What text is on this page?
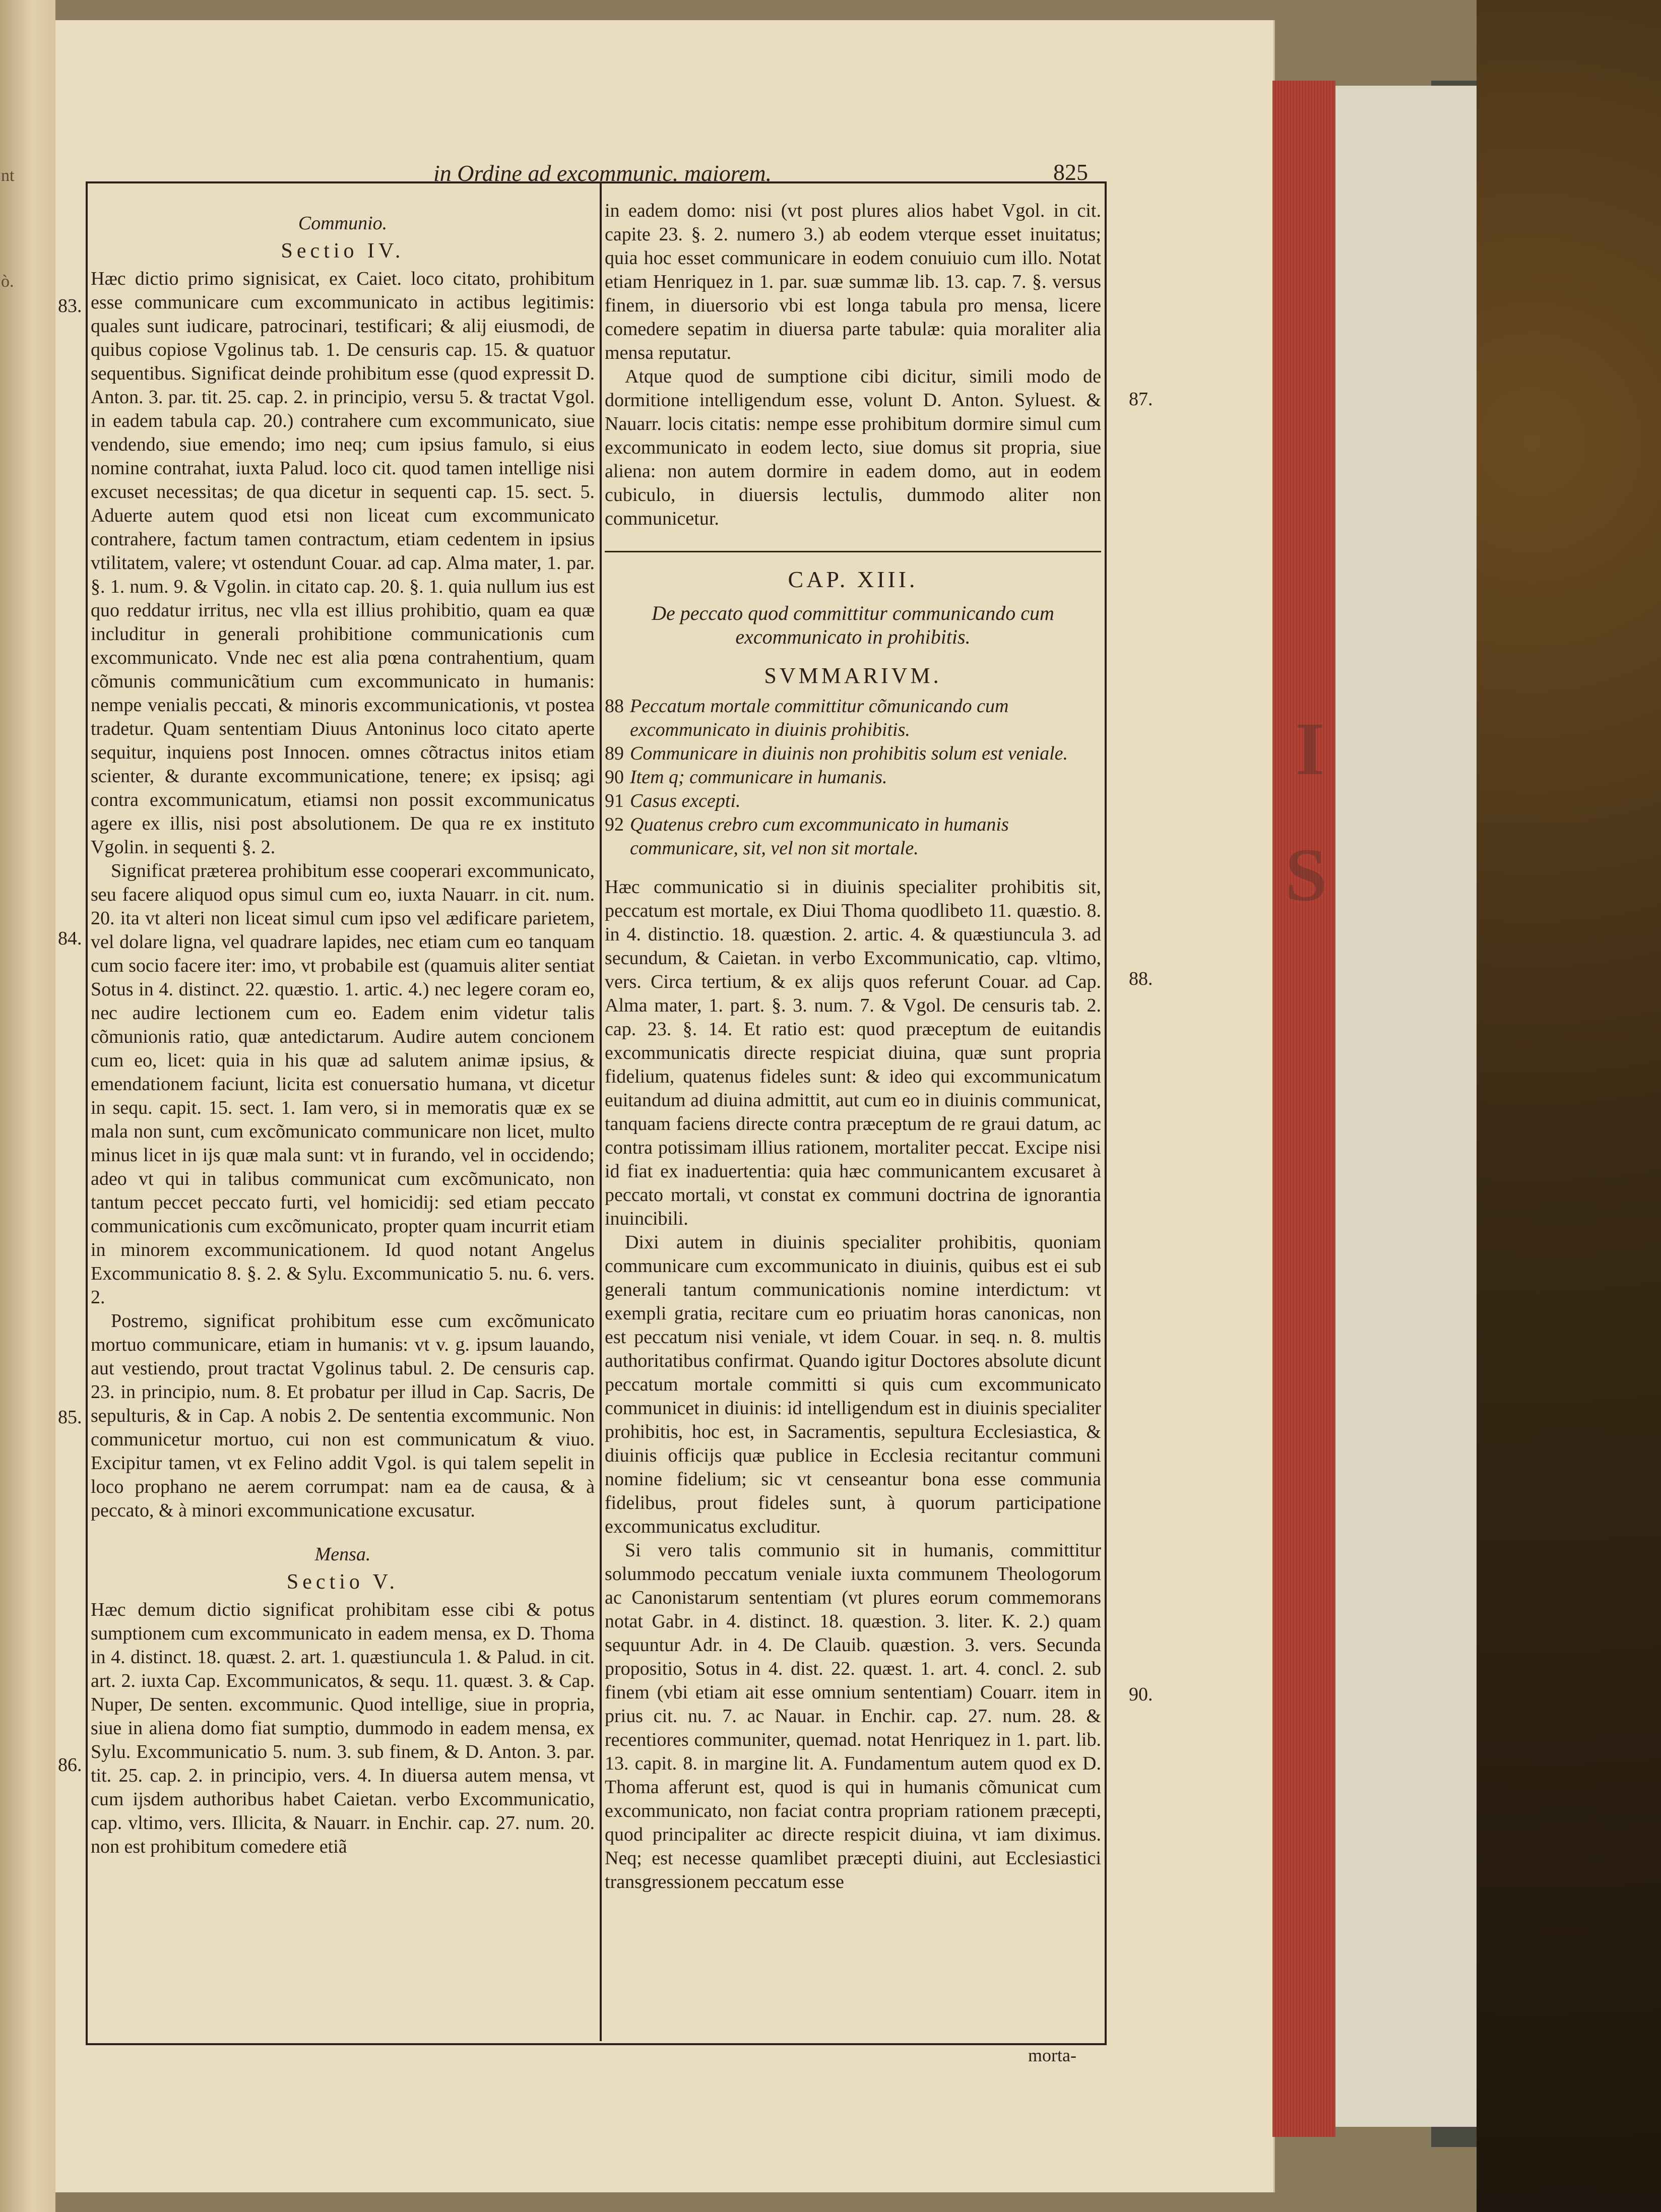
ò.
nt
I
S
in Ordine ad excommunic. maiorem.	825
83.
84.
85.
86.
87.
88.
90.
Communio.
Sectio IV.
Hæc dictio primo signisicat, ex Caiet. loco citato, prohibitum esse communicare cum excommunicato in actibus legitimis: quales sunt iudicare, patrocinari, testificari; & alij eiusmodi, de quibus copiose Vgolinus tab. 1. De censuris cap. 15. & quatuor sequentibus. Significat deinde prohibitum esse (quod expressit D. Anton. 3. par. tit. 25. cap. 2. in principio, versu 5. & tractat Vgol. in eadem tabula cap. 20.) contrahere cum excommunicato, siue vendendo, siue emendo; imo neq; cum ipsius famulo, si eius nomine contrahat, iuxta Palud. loco cit. quod tamen intellige nisi excuset necessitas; de qua dicetur in sequenti cap. 15. sect. 5. Aduerte autem quod etsi non liceat cum excommunicato contrahere, factum tamen contractum, etiam cedentem in ipsius vtilitatem, valere; vt ostendunt Couar. ad cap. Alma mater, 1. par. §. 1. num. 9. & Vgolin. in citato cap. 20. §. 1. quia nullum ius est quo reddatur irritus, nec vlla est illius prohibitio, quam ea quæ includitur in generali prohibitione communicationis cum excommunicato. Vnde nec est alia pœna contrahentium, quam cõmunis communicãtium cum excommunicato in humanis: nempe venialis peccati, & minoris excommunicationis, vt postea tradetur. Quam sententiam Diuus Antoninus loco citato aperte sequitur, inquiens post Innocen. omnes cõtractus initos etiam scienter, & durante excommunicatione, tenere; ex ipsisq; agi contra excommunicatum, etiamsi non possit excommunicatus agere ex illis, nisi post absolutionem. De qua re ex instituto Vgolin. in sequenti §. 2.
Significat præterea prohibitum esse cooperari excommunicato, seu facere aliquod opus simul cum eo, iuxta Nauarr. in cit. num. 20. ita vt alteri non liceat simul cum ipso vel ædificare parietem, vel dolare ligna, vel quadrare lapides, nec etiam cum eo tanquam cum socio facere iter: imo, vt probabile est (quamuis aliter sentiat Sotus in 4. distinct. 22. quæstio. 1. artic. 4.) nec legere coram eo, nec audire lectionem cum eo. Eadem enim videtur talis cõmunionis ratio, quæ antedictarum. Audire autem concionem cum eo, licet: quia in his quæ ad salutem animæ ipsius, & emendationem faciunt, licita est conuersatio humana, vt dicetur in sequ. capit. 15. sect. 1. Iam vero, si in memoratis quæ ex se mala non sunt, cum excõmunicato communicare non licet, multo minus licet in ijs quæ mala sunt: vt in furando, vel in occidendo; adeo vt qui in talibus communicat cum excõmunicato, non tantum peccet peccato furti, vel homicidij: sed etiam peccato communicationis cum excõmunicato, propter quam incurrit etiam in minorem excommunicationem. Id quod notant Angelus Excommunicatio 8. §. 2. & Sylu. Excommunicatio 5. nu. 6. vers. 2.
Postremo, significat prohibitum esse cum excõmunicato mortuo communicare, etiam in humanis: vt v. g. ipsum lauando, aut vestiendo, prout tractat Vgolinus tabul. 2. De censuris cap. 23. in principio, num. 8. Et probatur per illud in Cap. Sacris, De sepulturis, & in Cap. A nobis 2. De sententia excommunic. Non communicetur mortuo, cui non est communicatum & viuo. Excipitur tamen, vt ex Felino addit Vgol. is qui talem sepelit in loco prophano ne aerem corrumpat: nam ea de causa, & à peccato, & à minori excommunicatione excusatur.
Mensa.
Sectio V.
Hæc demum dictio significat prohibitam esse cibi & potus sumptionem cum excommunicato in eadem mensa, ex D. Thoma in 4. distinct. 18. quæst. 2. art. 1. quæstiuncula 1. & Palud. in cit. art. 2. iuxta Cap. Excommunicatos, & sequ. 11. quæst. 3. & Cap. Nuper, De senten. excommunic. Quod intellige, siue in propria, siue in aliena domo fiat sumptio, dummodo in eadem mensa, ex Sylu. Excommunicatio 5. num. 3. sub finem, & D. Anton. 3. par. tit. 25. cap. 2. in principio, vers. 4. In diuersa autem mensa, vt cum ijsdem authoribus habet Caietan. verbo Excommunicatio, cap. vltimo, vers. Illicita, & Nauarr. in Enchir. cap. 27. num. 20. non est prohibitum comedere etiã
in eadem domo: nisi (vt post plures alios habet Vgol. in cit. capite 23. §. 2. numero 3.) ab eodem vterque esset inuitatus; quia hoc esset communicare in eodem conuiuio cum illo. Notat etiam Henriquez in 1. par. suæ summæ lib. 13. cap. 7. §. versus finem, in diuersorio vbi est longa tabula pro mensa, licere comedere sepatim in diuersa parte tabulæ: quia moraliter alia mensa reputatur.
Atque quod de sumptione cibi dicitur, simili modo de dormitione intelligendum esse, volunt D. Anton. Syluest. & Nauarr. locis citatis: nempe esse prohibitum dormire simul cum excommunicato in eodem lecto, siue domus sit propria, siue aliena: non autem dormire in eadem domo, aut in eodem cubiculo, in diuersis lectulis, dummodo aliter non communicetur.
CAP. XIII.
De peccato quod committitur communicando cum excommunicato in prohibitis.
SVMMARIVM.
88 Peccatum mortale committitur cõmunicando cum excommunicato in diuinis prohibitis.
89 Communicare in diuinis non prohibitis solum est veniale.
90 Item q; communicare in humanis.
91 Casus excepti.
92 Quatenus crebro cum excommunicato in humanis communicare, sit, vel non sit mortale.
Hæc communicatio si in diuinis specialiter prohibitis sit, peccatum est mortale, ex Diui Thoma quodlibeto 11. quæstio. 8. in 4. distinctio. 18. quæstion. 2. artic. 4. & quæstiuncula 3. ad secundum, & Caietan. in verbo Excommunicatio, cap. vltimo, vers. Circa tertium, & ex alijs quos referunt Couar. ad Cap. Alma mater, 1. part. §. 3. num. 7. & Vgol. De censuris tab. 2. cap. 23. §. 14. Et ratio est: quod præceptum de euitandis excommunicatis directe respiciat diuina, quæ sunt propria fidelium, quatenus fideles sunt: & ideo qui excommunicatum euitandum ad diuina admittit, aut cum eo in diuinis communicat, tanquam faciens directe contra præceptum de re graui datum, ac contra potissimam illius rationem, mortaliter peccat. Excipe nisi id fiat ex inaduertentia: quia hæc communicantem excusaret à peccato mortali, vt constat ex communi doctrina de ignorantia inuincibili.
Dixi autem in diuinis specialiter prohibitis, quoniam communicare cum excommunicato in diuinis, quibus est ei sub generali tantum communicationis nomine interdictum: vt exempli gratia, recitare cum eo priuatim horas canonicas, non est peccatum nisi veniale, vt idem Couar. in seq. n. 8. multis authoritatibus confirmat. Quando igitur Doctores absolute dicunt peccatum mortale committi si quis cum excommunicato communicet in diuinis: id intelligendum est in diuinis specialiter prohibitis, hoc est, in Sacramentis, sepultura Ecclesiastica, & diuinis officijs quæ publice in Ecclesia recitantur communi nomine fidelium; sic vt censeantur bona esse communia fidelibus, prout fideles sunt, à quorum participatione excommunicatus excluditur.
Si vero talis communio sit in humanis, committitur solummodo peccatum veniale iuxta communem Theologorum ac Canonistarum sententiam (vt plures eorum commemorans notat Gabr. in 4. distinct. 18. quæstion. 3. liter. K. 2.) quam sequuntur Adr. in 4. De Clauib. quæstion. 3. vers. Secunda propositio, Sotus in 4. dist. 22. quæst. 1. art. 4. concl. 2. sub finem (vbi etiam ait esse omnium sententiam) Couarr. item in prius cit. nu. 7. ac Nauar. in Enchir. cap. 27. num. 28. & recentiores communiter, quemad. notat Henriquez in 1. part. lib. 13. capit. 8. in margine lit. A. Fundamentum autem quod ex D. Thoma afferunt est, quod is qui in humanis cõmunicat cum excommunicato, non faciat contra propriam rationem præcepti, quod principaliter ac directe respicit diuina, vt iam diximus. Neq; est necesse quamlibet præcepti diuini, aut Ecclesiastici transgressionem peccatum esse
morta-
